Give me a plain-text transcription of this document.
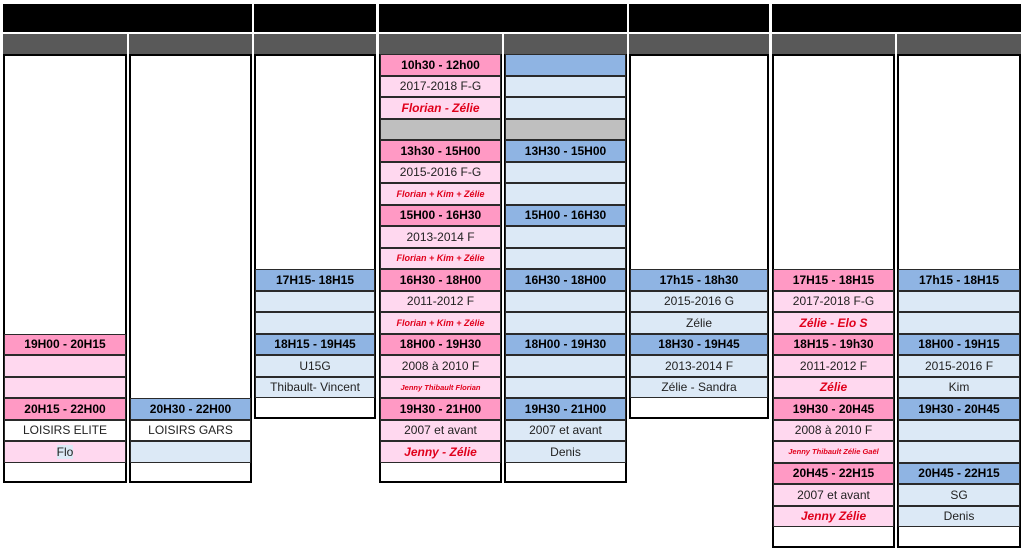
19H00 - 20H15
20H15 - 22H00
LOISIRS ELITE
Flo
20H30 - 22H00
LOISIRS GARS
17H15- 18H15
18H15 - 19H45
U15G
Thibault- Vincent
10h30 - 12h00
2017-2018 F-G
Florian - Zélie
13h30 - 15H00
2015-2016 F-G
Florian + Kim + Zélie
15H00 - 16H30
2013-2014 F
Florian + Kim + Zélie
16H30 - 18H00
2011-2012 F
Florian + Kim + Zélie
18H00 - 19H30
2008 à 2010 F
Jenny Thibault Florian
19H30 - 21H00
2007 et avant
Jenny - Zélie
13H30 - 15H00
15H00 - 16H30
16H30 - 18H00
18H00 - 19H30
19H30 - 21H00
2007 et avant
Denis
17h15 - 18h30
2015-2016 G
Zélie
18H30 - 19H45
2013-2014 F
Zélie - Sandra
17H15 - 18H15
2017-2018 F-G
Zélie - Elo S
18H15 - 19h30
2011-2012 F
Zélie
19H30 - 20H45
2008 à 2010 F
Jenny Thibault Zélie Gaël
20H45 - 22H15
2007 et avant
Jenny Zélie
17h15 - 18H15
18H00 - 19H15
2015-2016 F
Kim
19H30 - 20H45
20H45 - 22H15
SG
Denis
